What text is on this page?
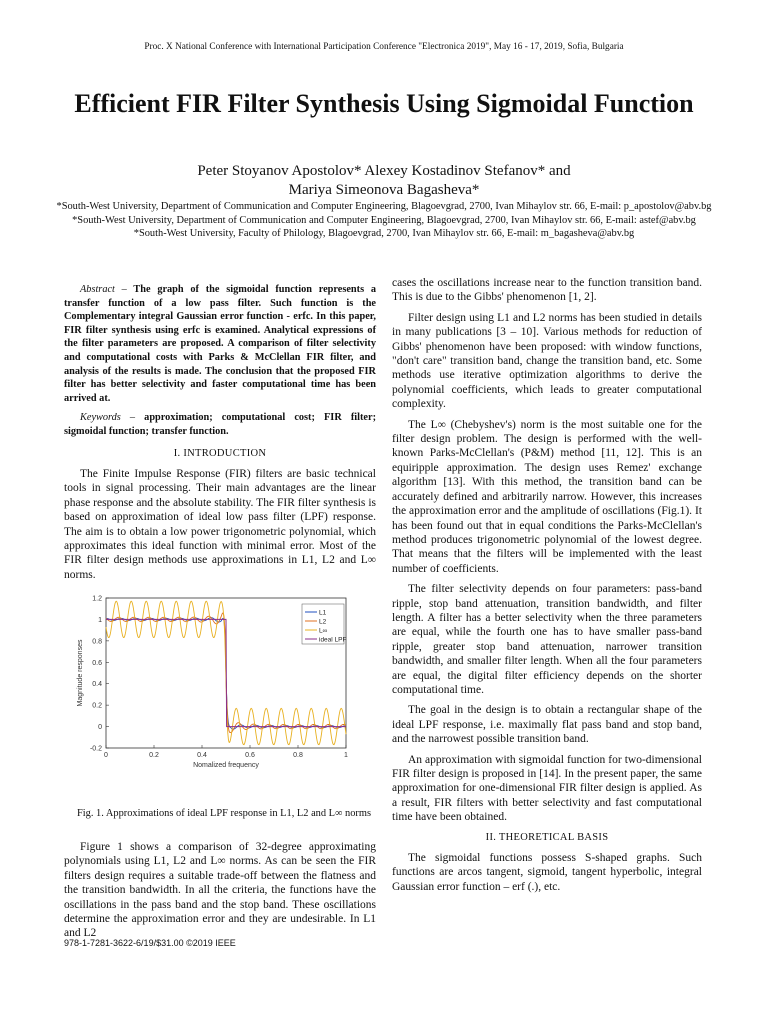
Proc. X National Conference with International Participation Conference "Electronica 2019", May 16 - 17, 2019, Sofia, Bulgaria
Efficient FIR Filter Synthesis Using Sigmoidal Function
Peter Stoyanov Apostolov* Alexey Kostadinov Stefanov* and
Mariya Simeonova Bagasheva*
*South-West University, Department of Communication and Computer Engineering, Blagoevgrad, 2700, Ivan Mihaylov str. 66, E-mail: p_apostolov@abv.bg
*South-West University, Department of Communication and Computer Engineering, Blagoevgrad, 2700, Ivan Mihaylov str. 66, E-mail: astef@abv.bg
*South-West University, Faculty of Philology, Blagoevgrad, 2700, Ivan Mihaylov str. 66, E-mail: m_bagasheva@abv.bg
Abstract – The graph of the sigmoidal function represents a transfer function of a low pass filter. Such function is the Complementary integral Gaussian error function - erfc. In this paper, FIR filter synthesis using erfc is examined. Analytical expressions of the filter parameters are proposed. A comparison of filter selectivity and computational costs with Parks & McClellan FIR filter, and analysis of the results is made. The conclusion that the proposed FIR filter has better selectivity and faster computational time has been arrived at.
Keywords – approximation; computational cost; FIR filter; sigmoidal function; transfer function.
I. INTRODUCTION

The Finite Impulse Response (FIR) filters are basic technical tools in signal processing. Their main advantages are the linear phase response and the absolute stability. The FIR filter synthesis is based on approximation of ideal low pass filter (LPF) response. The aim is to obtain a low power trigonometric polynomial, which approximates this ideal function with minimal error. Most of the FIR filter design methods use approximations in L1, L2 and L∞ norms.

-0.2
0
0.2
0.4
0.6
0.8
1
1.2
0	0.2	0.4	0.6	0.8	1
Nomalized frequency
Magnitude responses
L1
L2
L∞
ideal LPF
Fig. 1. Approximations of ideal LPF response in L1, L2 and L∞ norms

Figure 1 shows a comparison of 32-degree approximating polynomials using L1, L2 and L∞ norms. As can be seen the FIR filters design requires a suitable trade-off between the flatness and the transition bandwidth. In all the criteria, the functions have the oscillations in the pass band and the stop band. These oscillations determine the approximation error and they are undesirable. In L1 and L2

978-1-7281-3622-6/19/$31.00 ©2019 IEEE

cases the oscillations increase near to the function transition band. This is due to the Gibbs' phenomenon [1, 2].

Filter design using L1 and L2 norms has been studied in details in many publications [3 – 10]. Various methods for reduction of Gibbs' phenomenon have been proposed: with window functions, "don't care" transition band, change the transition band, etc. Some methods use iterative optimization algorithms to derive the polynomial coefficients, which leads to greater computational complexity.

The L∞ (Chebyshev's) norm is the most suitable one for the filter design problem. The design is performed with the well-known Parks-McClellan's (P&M) method [11, 12]. This is an equiripple approximation. The design uses Remez' exchange algorithm [13]. With this method, the transition band can be accurately defined and arbitrarily narrow. However, this increases the approximation error and the amplitude of oscillations (Fig.1). It has been found out that in equal conditions the Parks-McClellan's method produces trigonometric polynomial of the lowest degree. That means that the filters will be implemented with the least number of coefficients.

The filter selectivity depends on four parameters: pass-band ripple, stop band attenuation, transition bandwidth, and filter length. A filter has a better selectivity when the three parameters are equal, while the fourth one has to have smaller pass-band ripple, greater stop band attenuation, narrower transition bandwidth, and smaller filter length. When all the four parameters are equal, the digital filter efficiency depends on the shorter computational time.

The goal in the design is to obtain a rectangular shape of the ideal LPF response, i.e. maximally flat pass band and stop band, and the narrowest possible transition band.

An approximation with sigmoidal function for two-dimensional FIR filter design is proposed in [14]. In the present paper, the same approximation for one-dimensional FIR filter design is applied. As a result, FIR filters with better selectivity and fast computational time have been obtained.

II. THEORETICAL BASIS

The sigmoidal functions possess S-shaped graphs. Such functions are arcos tangent, sigmoid, tangent hyperbolic, integral Gaussian error function – erf (.), etc.
